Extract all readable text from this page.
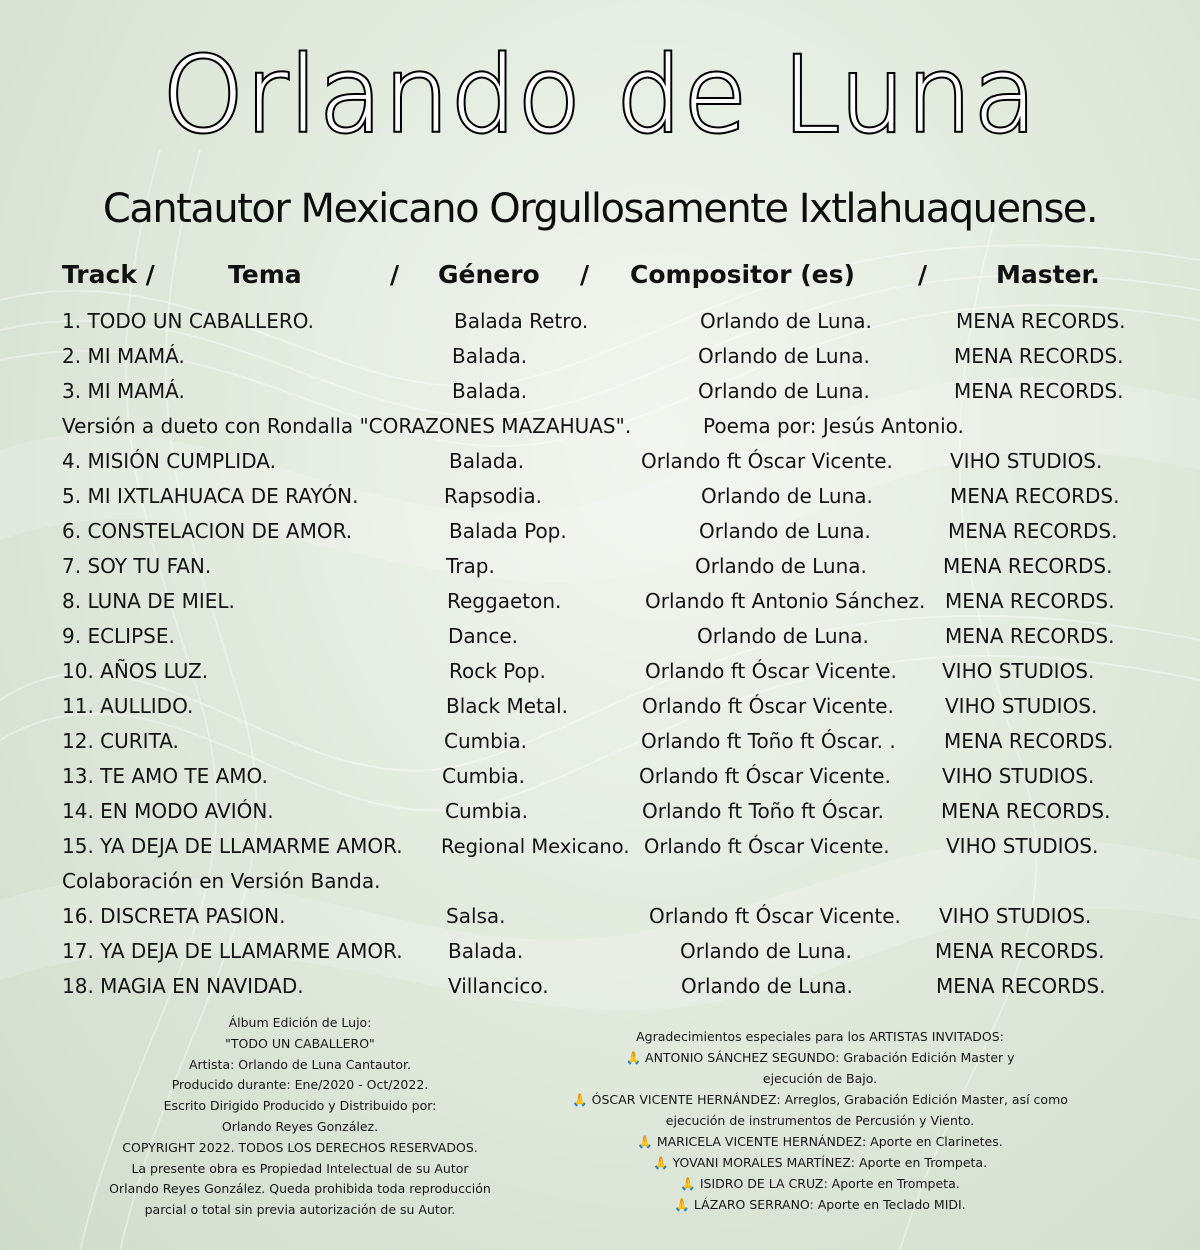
Orlando de Luna
Cantautor Mexicano Orgullosamente Ixtlahuaquense.
Track /	Tema	/ Género / Compositor (es)	/	Master.
1. TODO UN CABALLERO.	Balada Retro.	Orlando de Luna.	MENA RECORDS.
2. MI MAMÁ.	Balada.	Orlando de Luna.	MENA RECORDS.
3. MI MAMÁ.	Balada.	Orlando de Luna.	MENA RECORDS.
Versión a dueto con Rondalla "CORAZONES MAZAHUAS".	Poema por: Jesús Antonio.
4. MISIÓN CUMPLIDA.	Balada.	Orlando ft Óscar Vicente.	VIHO STUDIOS.
5. MI IXTLAHUACA DE RAYÓN.	Rapsodia.	Orlando de Luna.	MENA RECORDS.
6. CONSTELACION DE AMOR.	Balada Pop.	Orlando de Luna.	MENA RECORDS.
7. SOY TU FAN.	Trap.	Orlando de Luna.	MENA RECORDS.
8. LUNA DE MIEL.	Reggaeton.	Orlando ft Antonio Sánchez. MENA RECORDS.
9. ECLIPSE.	Dance.	Orlando de Luna.	MENA RECORDS.
10. AÑOS LUZ.	Rock Pop.	Orlando ft Óscar Vicente. VIHO STUDIOS.
11. AULLIDO.	Black Metal.	Orlando ft Óscar Vicente.	VIHO STUDIOS.
12. CURITA.	Cumbia.	Orlando ft Toño ft Óscar. . MENA RECORDS.
13. TE AMO TE AMO.	Cumbia.	Orlando ft Óscar Vicente.	VIHO STUDIOS.
14. EN MODO AVIÓN.	Cumbia.	Orlando ft Toño ft Óscar.	MENA RECORDS.
15. YA DEJA DE LLAMARME AMOR. Regional Mexicano. Orlando ft Óscar Vicente.	VIHO STUDIOS.
Colaboración en Versión Banda.
16. DISCRETA PASION.	Salsa.	Orlando ft Óscar Vicente. VIHO STUDIOS.
17. YA DEJA DE LLAMARME AMOR. Balada.	Orlando de Luna.	MENA RECORDS.
18. MAGIA EN NAVIDAD.	Villancico.	Orlando de Luna.	MENA RECORDS.
Álbum Edición de Lujo:
"TODO UN CABALLERO"
Artista: Orlando de Luna Cantautor.
Producido durante: Ene/2020 - Oct/2022.
Escrito Dirigido Producido y Distribuido por:
Orlando Reyes González.
COPYRIGHT 2022. TODOS LOS DERECHOS RESERVADOS.
La presente obra es Propiedad Intelectual de su Autor
Orlando Reyes González. Queda prohibida toda reproducción
parcial o total sin previa autorización de su Autor.
Agradecimientos especiales para los ARTISTAS INVITADOS:
🙏 ANTONIO SÁNCHEZ SEGUNDO: Grabación Edición Master y
ejecución de Bajo.
🙏 ÓSCAR VICENTE HERNÁNDEZ: Arreglos, Grabación Edición Master, así como
ejecución de instrumentos de Percusión y Viento.
🙏 MARICELA VICENTE HERNÁNDEZ: Aporte en Clarinetes.
🙏 YOVANI MORALES MARTÍNEZ: Aporte en Trompeta.
🙏 ISIDRO DE LA CRUZ: Aporte en Trompeta.
🙏 LÁZARO SERRANO: Aporte en Teclado MIDI.
